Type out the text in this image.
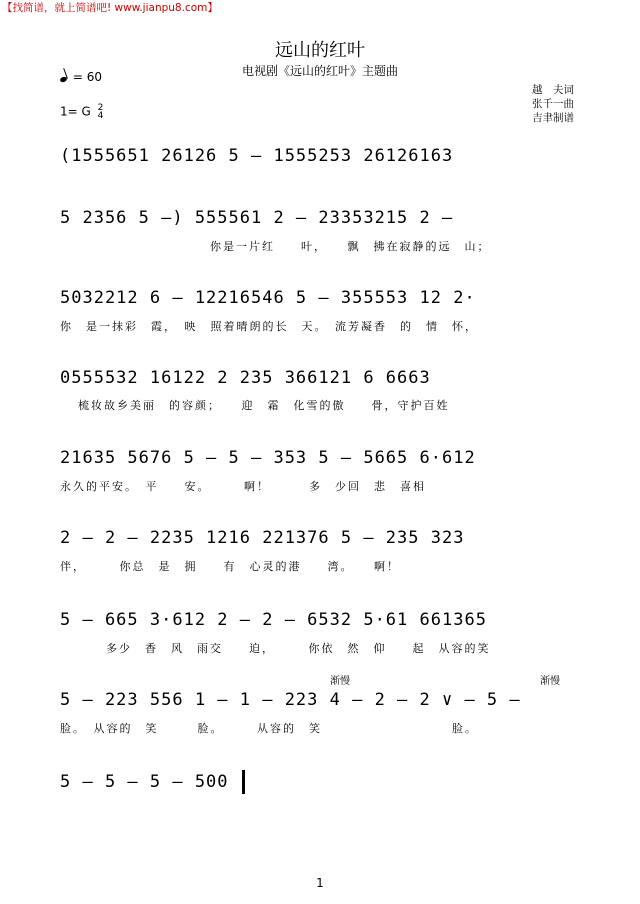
【找简谱，就上简谱吧! www.jianpu8.com】
远山的红叶
电视剧《远山的红叶》主题曲
= 60
1= G 2
4
越　夫词
张千一曲
吉聿制谱
(1555651 26126 5 — 1555253 26126163
5 2356 5 —) 555561 2 — 23353215 2 —
你是一片红　　叶，　　飘　拂在寂静的远　山；
5032212 6 — 12216546 5 — 355553 12 2·
你　是一抹彩　霞，　映　照着晴朗的长　天。　流芳凝香　的　情　怀，
0555532 16122 2 235 366121 6 6663
梳妆故乡美丽　的容颜；　　迎　霜　化雪的傲　　骨，守护百姓
21635 5676 5 — 5 — 353 5 — 5665 6·612
永久的平安。　平　　安。　　　啊！　　　多　少回　悲　喜相
2 — 2 — 2235 1216 221376 5 — 235 323
伴，　　　你总　是　拥　　有　心灵的港　　湾。　　啊！
5 — 665 3·612 2 — 2 — 6532 5·61 661365
多少　香　风　雨交　　迫，　　　你依　然　仰　　起　从容的笑
渐慢	渐慢
5 — 223 556 1 — 1 — 223 4 — 2 — 2 ∨ — 5 —
脸。　从容的　笑　　　脸。　　　从容的　笑　　　　　　　　　　脸。
5 — 5 — 5 — 500
1
